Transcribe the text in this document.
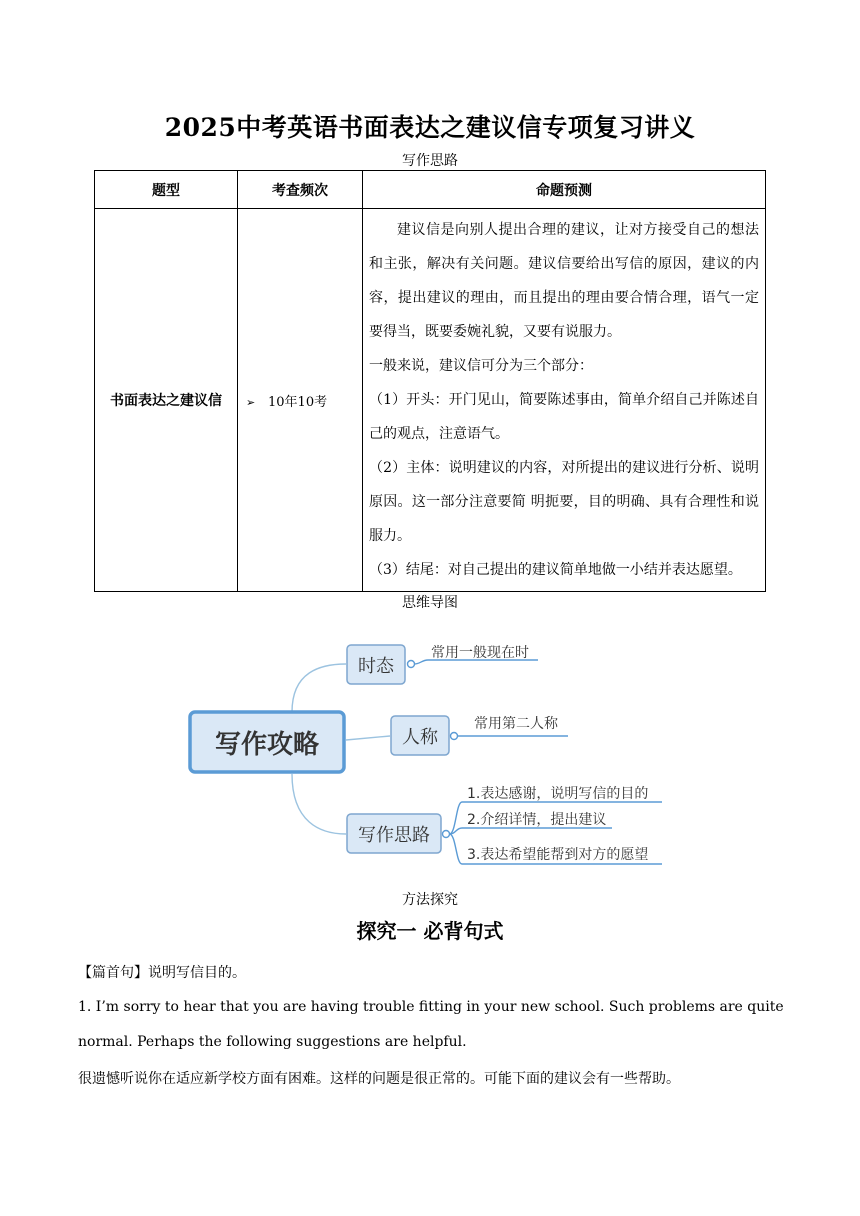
2025中考英语书面表达之建议信专项复习讲义
写作思路
题型	考查频次	命题预测
书面表达之建议信	➢ 10年10考	建议信是向别人提出合理的建议，让对方接受自己的想法和主张，解决有关问题。建议信要给出写信的原因，建议的内容，提出建议的理由，而且提出的理由要合情合理，语气一定要得当，既要委婉礼貌，又要有说服力。

一般来说，建议信可分为三个部分：

（1）开头：开门见山，简要陈述事由，简单介绍自己并陈述自己的观点，注意语气。

（2）主体：说明建议的内容，对所提出的建议进行分析、说明原因。这一部分注意要简 明扼要，目的明确、具有合理性和说服力。

（3）结尾：对自己提出的建议简单地做一小结并表达愿望。

思维导图
写作攻略
时态
人称
写作思路
常用一般现在时
常用第二人称
1.表达感谢，说明写信的目的
2.介绍详情，提出建议
3.表达希望能帮到对方的愿望
方法探究
探究一 必背句式
【篇首句】说明写信目的。
1. I’m sorry to hear that you are having trouble fitting in your new school. Such problems are quite normal. Perhaps the following suggestions are helpful.
很遗憾听说你在适应新学校方面有困难。这样的问题是很正常的。可能下面的建议会有一些帮助。
